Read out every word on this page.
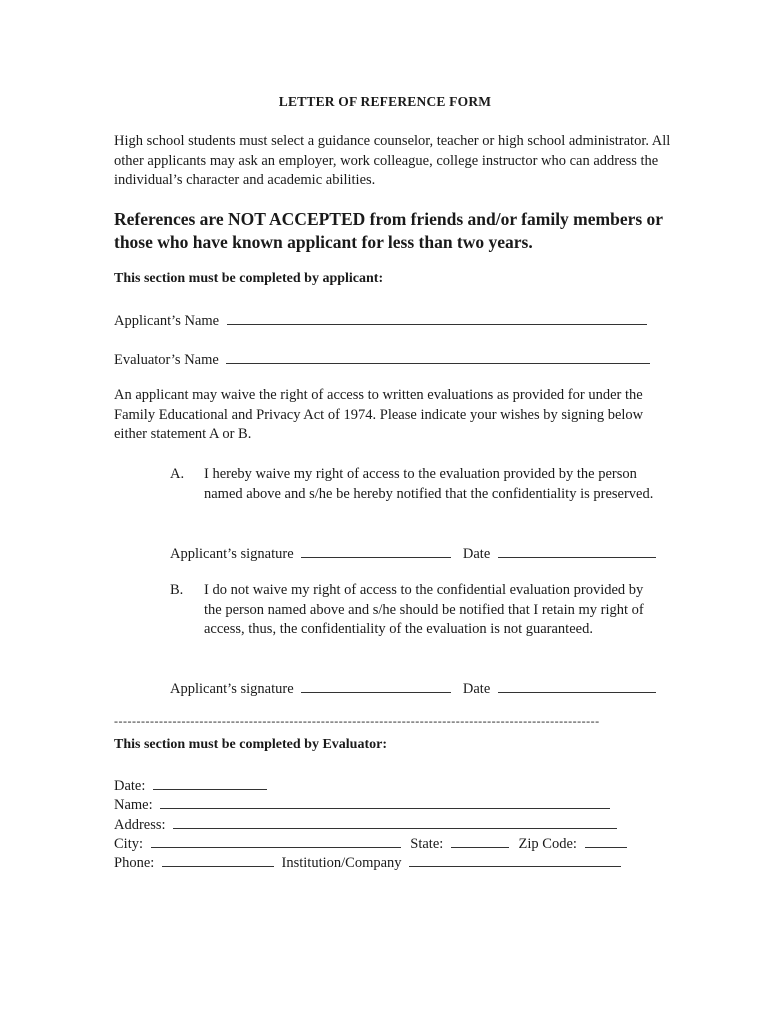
LETTER OF REFERENCE FORM
High school students must select a guidance counselor, teacher or high school administrator. All other applicants may ask an employer, work colleague, college instructor who can address the individual’s character and academic abilities.
References are NOT ACCEPTED from friends and/or family members or those who have known applicant for less than two years.
This section must be completed by applicant:
Applicant’s Name
Evaluator’s Name
An applicant may waive the right of access to written evaluations as provided for under the Family Educational and Privacy Act of 1974. Please indicate your wishes by signing below either statement A or B.
A. I hereby waive my right of access to the evaluation provided by the person named above and s/he be hereby notified that the confidentiality is preserved.
Applicant’s signature	Date
B. I do not waive my right of access to the confidential evaluation provided by the person named above and s/he should be notified that I retain my right of access, thus, the confidentiality of the evaluation is not guaranteed.
Applicant’s signature	Date
------------------------------------------------------------------------------------------------------------
This section must be completed by Evaluator:
Date:
Name:
Address:
City:	State:	Zip Code:
Phone:	Institution/Company
